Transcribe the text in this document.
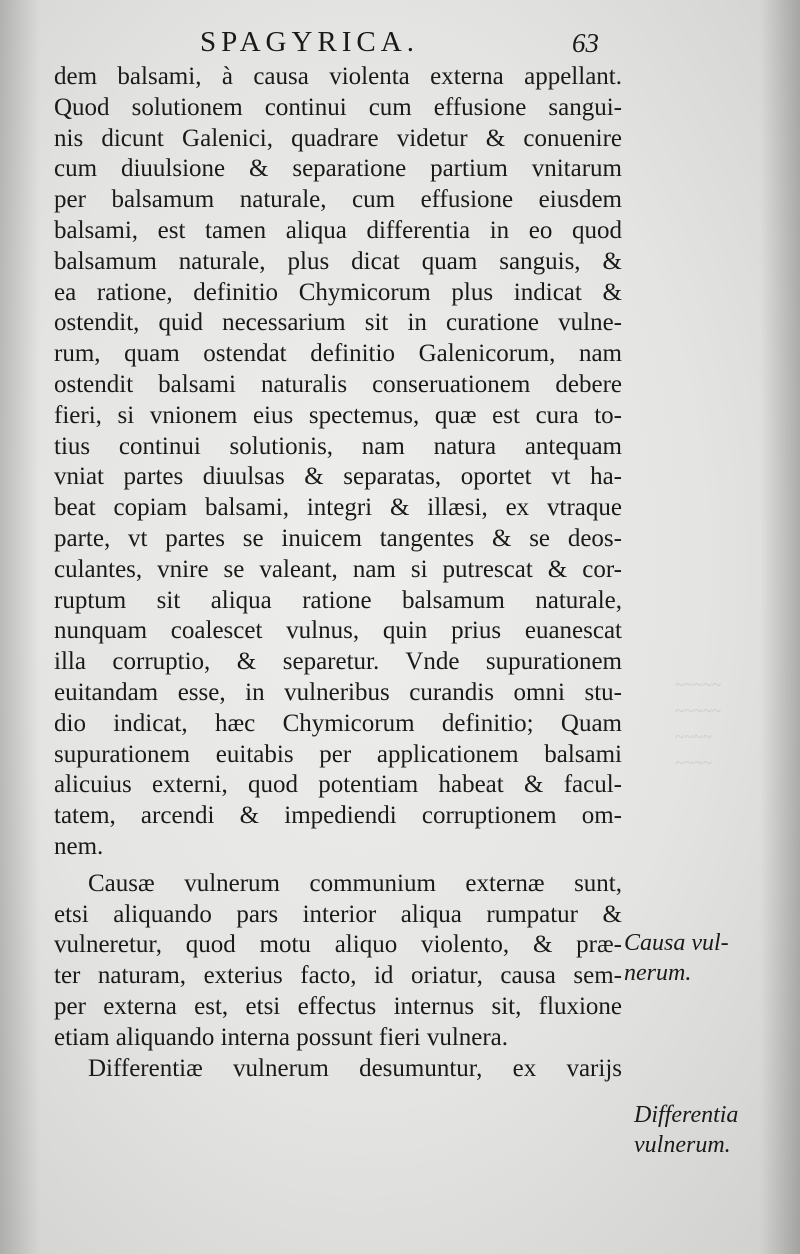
~~~~~
~~~~~
~~~~
~~~~
SPAGYRICA.	63
dem balsami, à causa violenta externa appellant.
Quod solutionem continui cum effusione sangui-
nis dicunt Galenici, quadrare videtur & conuenire
cum diuulsione & separatione partium vnitarum
per balsamum naturale, cum effusione eiusdem
balsami, est tamen aliqua differentia in eo quod
balsamum naturale, plus dicat quam sanguis, &
ea ratione, definitio Chymicorum plus indicat &
ostendit, quid necessarium sit in curatione vulne-
rum, quam ostendat definitio Galenicorum, nam
ostendit balsami naturalis conseruationem debere
fieri, si vnionem eius spectemus, quæ est cura to-
tius continui solutionis, nam natura antequam
vniat partes diuulsas & separatas, oportet vt ha-
beat copiam balsami, integri & illæsi, ex vtraque
parte, vt partes se inuicem tangentes & se deos-
culantes, vnire se valeant, nam si putrescat & cor-
ruptum sit aliqua ratione balsamum naturale,
nunquam coalescet vulnus, quin prius euanescat
illa corruptio, & separetur. Vnde supurationem
euitandam esse, in vulneribus curandis omni stu-
dio indicat, hæc Chymicorum definitio; Quam
supurationem euitabis per applicationem balsami
alicuius externi, quod potentiam habeat & facul-
tatem, arcendi & impediendi corruptionem om-
nem.
Causæ vulnerum communium externæ sunt,
etsi aliquando pars interior aliqua rumpatur &
vulneretur, quod motu aliquo violento, & præ-
ter naturam, exterius facto, id oriatur, causa sem-
per externa est, etsi effectus internus sit, fluxione
etiam aliquando interna possunt fieri vulnera.
Differentiæ vulnerum desumuntur, ex varijs
Causa vul-
nerum.
Differentia
vulnerum.
